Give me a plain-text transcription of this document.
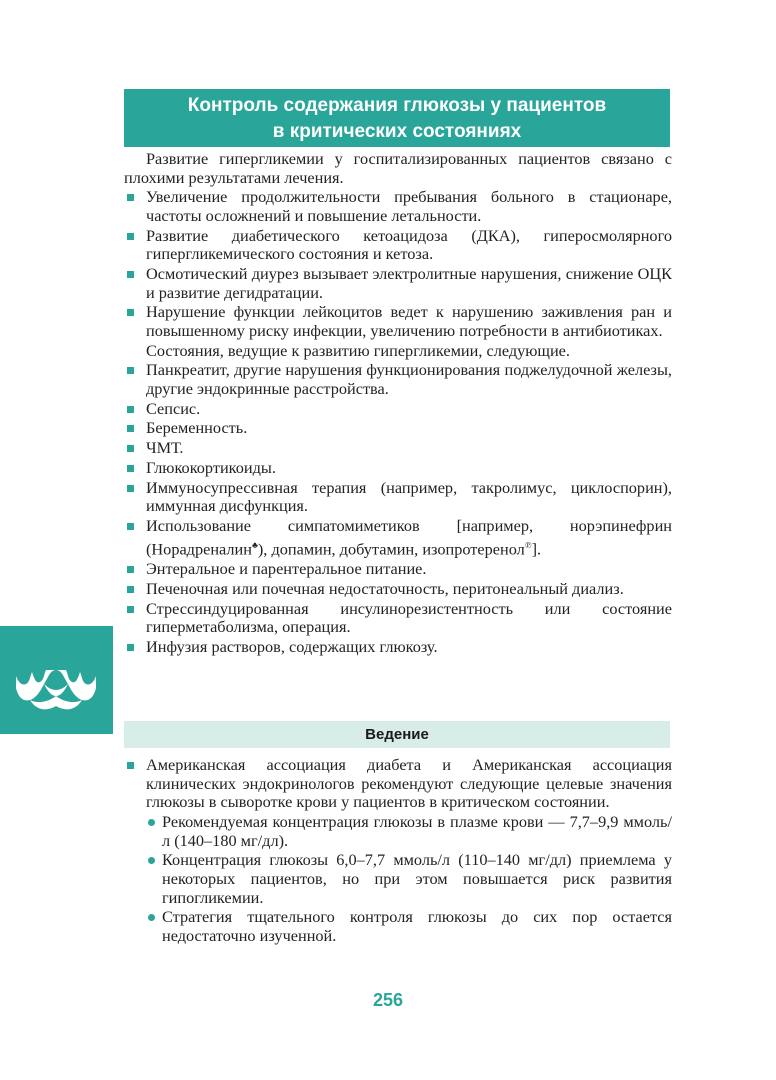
Контроль содержания глюкозы у пациентов
в критических состояниях

Развитие гипергликемии у госпитализированных пациентов связано с плохими результатами лечения.

Увеличение продолжительности пребывания больного в стационаре, частоты осложнений и повышение летальности.
Развитие диабетического кетоацидоза (ДКА), гиперосмолярного гипергликемического состояния и кетоза.
Осмотический диурез вызывает электролитные нарушения, снижение ОЦК и развитие дегидратации.
Нарушение функции лейкоцитов ведет к нарушению заживления ран и повышенному риску инфекции, увеличению потребности в антибиотиках.

Состояния, ведущие к развитию гипергликемии, следующие.

Панкреатит, другие нарушения функционирования поджелудочной железы, другие эндокринные расстройства.
Сепсис.
Беременность.
ЧМТ.
Глюкокортикоиды.
Иммуносупрессивная терапия (например, такролимус, циклоспорин), иммунная дисфункция.
Использование симпатомиметиков [например, норэпинефрин (Норадреналин♣), допамин, добутамин, изопротеренол℗].
Энтеральное и парентеральное питание.
Печеночная или почечная недостаточность, перитонеальный диализ.
Стрессиндуцированная инсулинорезистентность или состояние гиперметаболизма, операция.
Инфузия растворов, содержащих глюкозу.
Ведение
Американская ассоциация диабета и Американская ассоциация клинических эндокринологов рекомендуют следующие целевые значения глюкозы в сыворотке крови у пациентов в критическом состоянии.
Рекомендуемая концентрация глюкозы в плазме крови — 7,7–9,9 ммоль/л (140–180 мг/дл).
Концентрация глюкозы 6,0–7,7 ммоль/л (110–140 мг/дл) приемлема у некоторых пациентов, но при этом повышается риск развития гипогликемии.
Стратегия тщательного контроля глюкозы до сих пор остается недостаточно изученной.
256
